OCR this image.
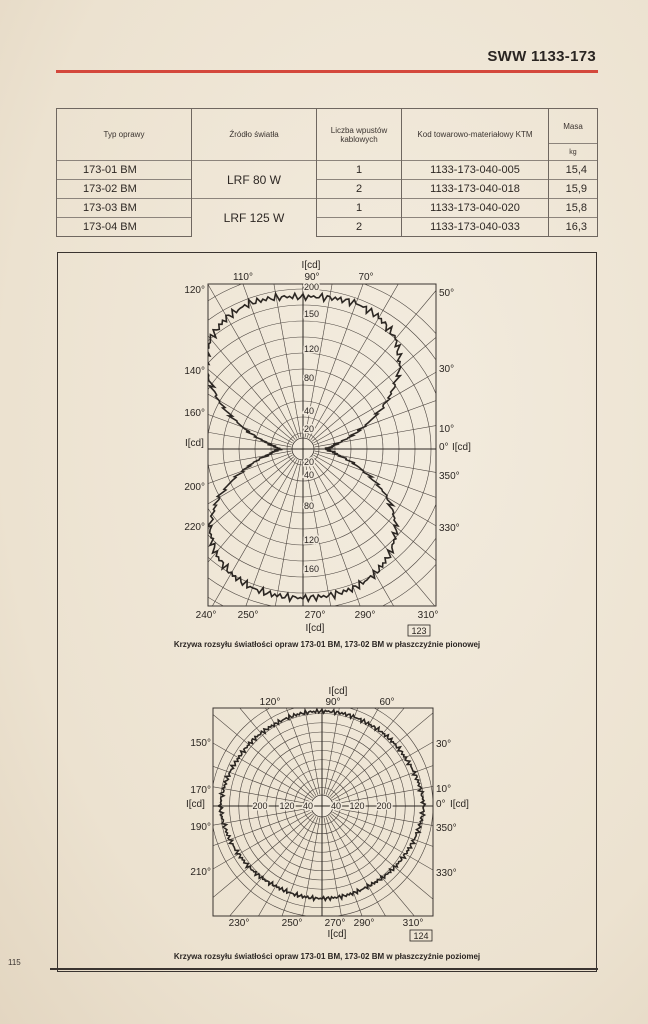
SWW 1133-173
Typ oprawy	Źródło światła	Liczba wpustów kablowych	Kod towarowo-materiałowy KTM	Masa
				kg
173-01 BM	LRF 80 W	1	1133-173-040-005	15,4
173-02 BM		2	1133-173-040-018	15,9
173-03 BM	LRF 125 W	1	1133-173-040-020	15,8
173-04 BM		2	1133-173-040-033	16,3
20
40
80
120
150
200
20
40
80
120
160
I[cd]
110°	90°	70°
120°
140°
160°
200°
220°
50°
30°
10°
0°
350°
330°
I[cd]
I[cd]
240° 250°	270°	290°	310°
I[cd]	123
200 120 40 40 120 200
I[cd]
120°	90°	60°
150°
170°
190°
210°
I[cd]
30°
10°
0°
350°
330°
I[cd]
230°	250° 270° 290°	310°
I[cd]	124
Krzywa rozsyłu światłości opraw 173-01 BM, 173-02 BM w płaszczyźnie pionowej
Krzywa rozsyłu światłości opraw 173-01 BM, 173-02 BM w płaszczyźnie poziomej
115
